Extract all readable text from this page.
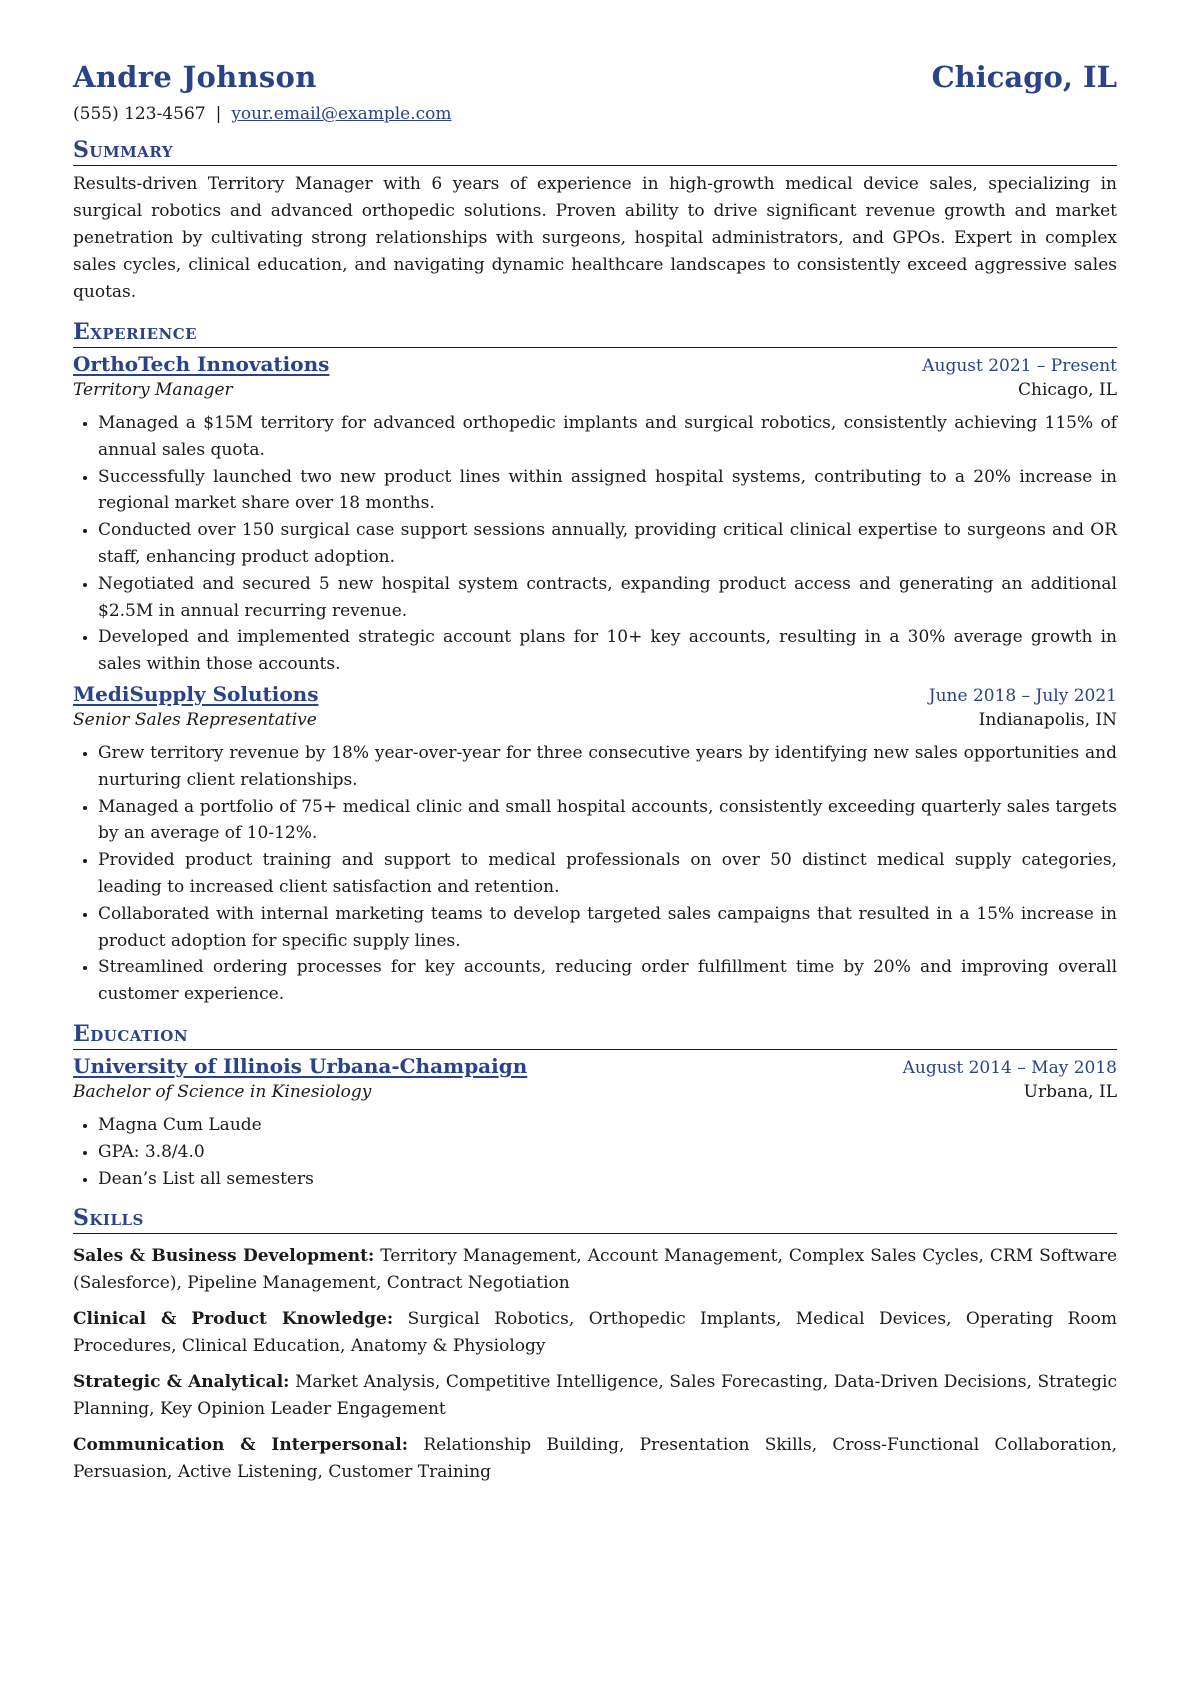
Andre Johnson	Chicago, IL
(555) 123-4567 | your.email@example.com
Summary
Results-driven Territory Manager with 6 years of experience in high-growth medical device sales, specializing in surgical robotics and advanced orthopedic solutions. Proven ability to drive significant revenue growth and market penetration by cultivating strong relationships with surgeons, hospital administrators, and GPOs. Expert in complex sales cycles, clinical education, and navigating dynamic healthcare landscapes to consistently exceed aggressive sales quotas.
Experience
OrthoTech Innovations	August 2021 – Present
Territory Manager	Chicago, IL
• Managed a $15M territory for advanced orthopedic implants and surgical robotics, consistently achieving 115% of annual sales quota.
• Successfully launched two new product lines within assigned hospital systems, contributing to a 20% increase in regional market share over 18 months.
• Conducted over 150 surgical case support sessions annually, providing critical clinical expertise to surgeons and OR staff, enhancing product adoption.
• Negotiated and secured 5 new hospital system contracts, expanding product access and generating an additional $2.5M in annual recurring revenue.
• Developed and implemented strategic account plans for 10+ key accounts, resulting in a 30% average growth in sales within those accounts.
MediSupply Solutions	June 2018 – July 2021
Senior Sales Representative	Indianapolis, IN
• Grew territory revenue by 18% year-over-year for three consecutive years by identifying new sales opportunities and nurturing client relationships.
• Managed a portfolio of 75+ medical clinic and small hospital accounts, consistently exceeding quarterly sales targets by an average of 10-12%.
• Provided product training and support to medical professionals on over 50 distinct medical supply categories, leading to increased client satisfaction and retention.
• Collaborated with internal marketing teams to develop targeted sales campaigns that resulted in a 15% increase in product adoption for specific supply lines.
• Streamlined ordering processes for key accounts, reducing order fulfillment time by 20% and improving overall customer experience.
Education
University of Illinois Urbana-Champaign	August 2014 – May 2018
Bachelor of Science in Kinesiology	Urbana, IL
• Magna Cum Laude
• GPA: 3.8/4.0
• Dean’s List all semesters
Skills
Sales & Business Development: Territory Management, Account Management, Complex Sales Cycles, CRM Software (Salesforce), Pipeline Management, Contract Negotiation
Clinical & Product Knowledge: Surgical Robotics, Orthopedic Implants, Medical Devices, Operating Room Procedures, Clinical Education, Anatomy & Physiology
Strategic & Analytical: Market Analysis, Competitive Intelligence, Sales Forecasting, Data-Driven Decisions, Strategic Planning, Key Opinion Leader Engagement
Communication & Interpersonal: Relationship Building, Presentation Skills, Cross-Functional Collaboration, Persuasion, Active Listening, Customer Training
